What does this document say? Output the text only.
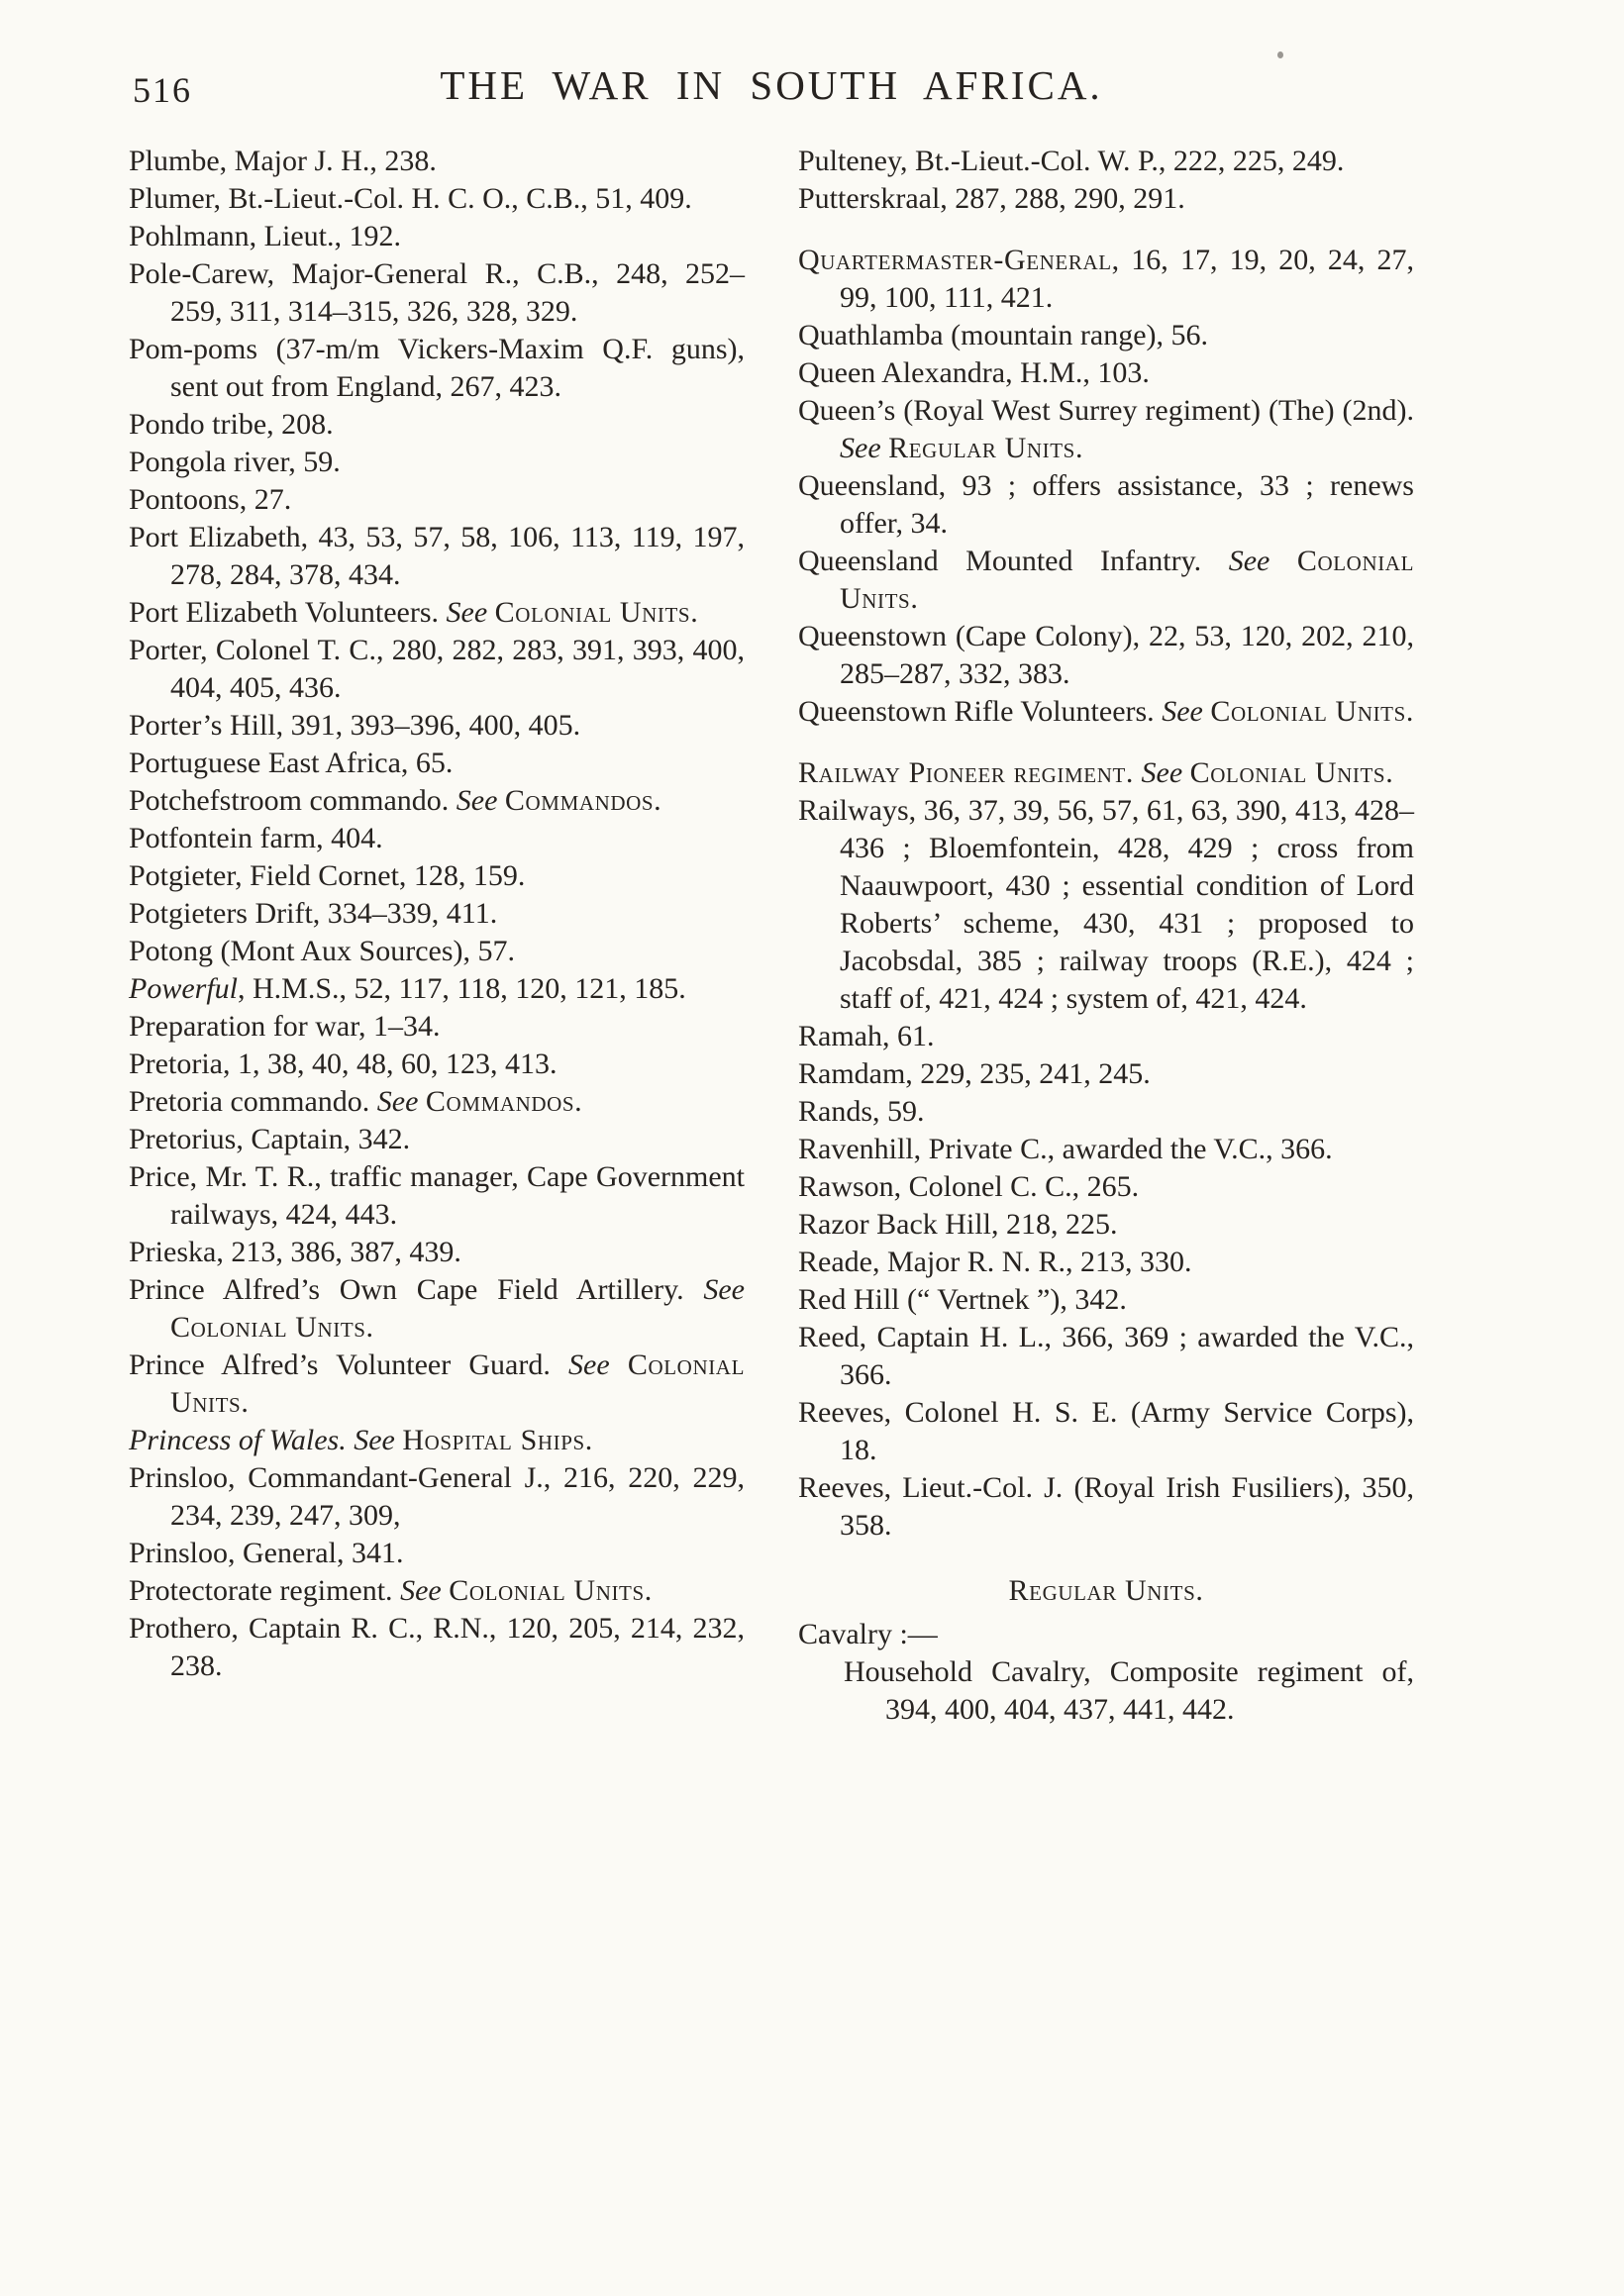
516	THE WAR IN SOUTH AFRICA.

Plumbe, Major J. H., 238.

Plumer, Bt.-Lieut.-Col. H. C. O., C.B., 51, 409.

Pohlmann, Lieut., 192.

Pole-Carew, Major-General R., C.B., 248, 252–259, 311, 314–315, 326, 328, 329.

Pom-poms (37-m/m Vickers-Maxim Q.F. guns), sent out from England, 267, 423.

Pondo tribe, 208.

Pongola river, 59.

Pontoons, 27.

Port Elizabeth, 43, 53, 57, 58, 106, 113, 119, 197, 278, 284, 378, 434.

Port Elizabeth Volunteers. See Colonial Units.

Porter, Colonel T. C., 280, 282, 283, 391, 393, 400, 404, 405, 436.

Porter’s Hill, 391, 393–396, 400, 405.

Portuguese East Africa, 65.

Potchefstroom commando. See Commandos.

Potfontein farm, 404.

Potgieter, Field Cornet, 128, 159.

Potgieters Drift, 334–339, 411.

Potong (Mont Aux Sources), 57.

Powerful, H.M.S., 52, 117, 118, 120, 121, 185.

Preparation for war, 1–34.

Pretoria, 1, 38, 40, 48, 60, 123, 413.

Pretoria commando. See Commandos.

Pretorius, Captain, 342.

Price, Mr. T. R., traffic manager, Cape Government railways, 424, 443.

Prieska, 213, 386, 387, 439.

Prince Alfred’s Own Cape Field Artillery. See Colonial Units.

Prince Alfred’s Volunteer Guard. See Colonial Units.

Princess of Wales. See Hospital Ships.

Prinsloo, Commandant-General J., 216, 220, 229, 234, 239, 247, 309,

Prinsloo, General, 341.

Protectorate regiment. See Colonial Units.

Prothero, Captain R. C., R.N., 120, 205, 214, 232, 238.

Pulteney, Bt.-Lieut.-Col. W. P., 222, 225, 249.

Putterskraal, 287, 288, 290, 291.

Quartermaster-General, 16, 17, 19, 20, 24, 27, 99, 100, 111, 421.

Quathlamba (mountain range), 56.

Queen Alexandra, H.M., 103.

Queen’s (Royal West Surrey regiment) (The) (2nd). See Regular Units.

Queensland, 93 ; offers assistance, 33 ; renews offer, 34.

Queensland Mounted Infantry. See Colonial Units.

Queenstown (Cape Colony), 22, 53, 120, 202, 210, 285–287, 332, 383.

Queenstown Rifle Volunteers. See Colonial Units.

Railway Pioneer regiment. See Colonial Units.

Railways, 36, 37, 39, 56, 57, 61, 63, 390, 413, 428–436 ; Bloemfontein, 428, 429 ; cross from Naauwpoort, 430 ; essential condition of Lord Roberts’ scheme, 430, 431 ; proposed to Jacobsdal, 385 ; railway troops (R.E.), 424 ; staff of, 421, 424 ; system of, 421, 424.

Ramah, 61.

Ramdam, 229, 235, 241, 245.

Rands, 59.

Ravenhill, Private C., awarded the V.C., 366.

Rawson, Colonel C. C., 265.

Razor Back Hill, 218, 225.

Reade, Major R. N. R., 213, 330.

Red Hill (“ Vertnek ”), 342.

Reed, Captain H. L., 366, 369 ; awarded the V.C., 366.

Reeves, Colonel H. S. E. (Army Service Corps), 18.

Reeves, Lieut.-Col. J. (Royal Irish Fusiliers), 350, 358.

Regular Units.

Cavalry :—

Household Cavalry, Composite regiment of, 394, 400, 404, 437, 441, 442.
